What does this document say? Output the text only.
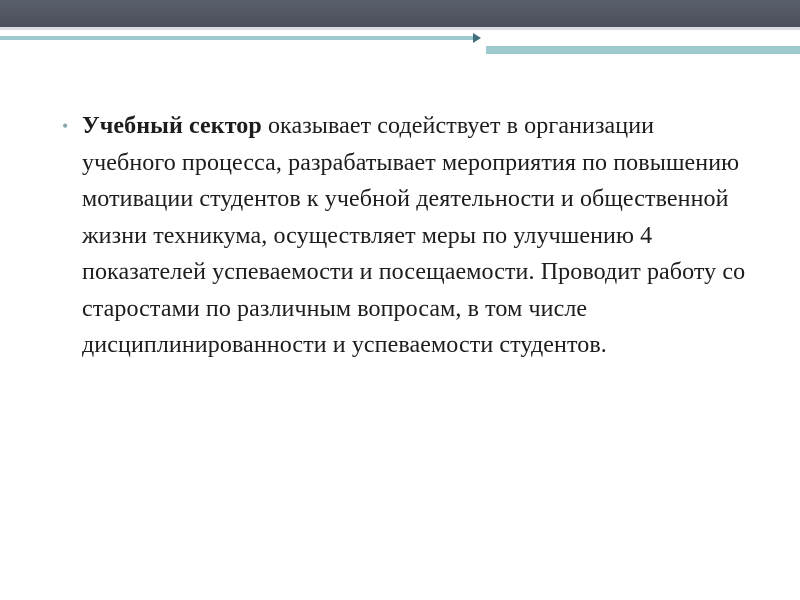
• Учебный сектор оказывает содействует в организации учебного процесса, разрабатывает мероприятия по повышению мотивации студентов к учебной деятельности и общественной жизни техникума, осуществляет меры по улучшению 4 показателей успеваемости и посещаемости. Проводит работу со старостами по различным вопросам, в том числе дисциплинированности и успеваемости студентов.
